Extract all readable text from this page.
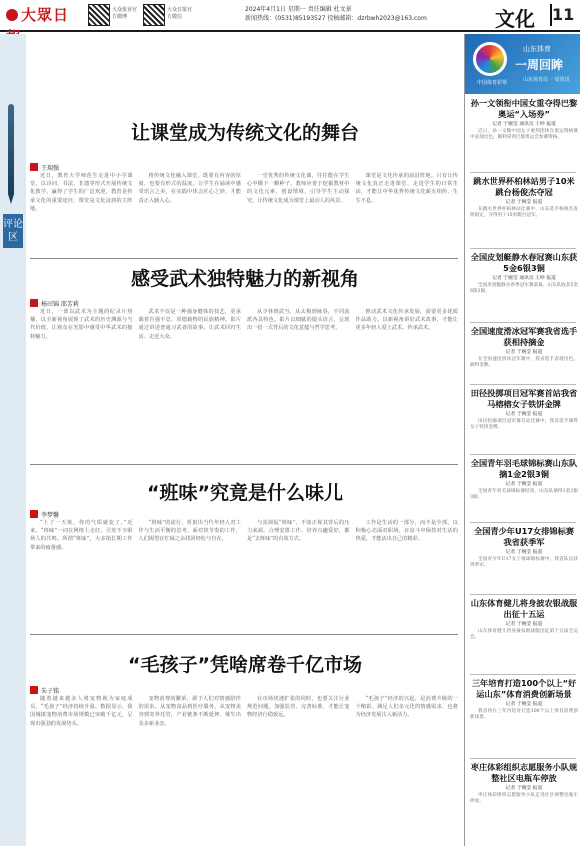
大眾日	大众报业官方微博
大众日报官方微信
2024年4月1日 星期一 责任编辑 杜文景
新闻热线：(0531)85193527 投稿邮箱：dzrbwh2023@163.com	文化 11
评论区
让课堂成为传统文化的舞台
王瑞强
近日，教育大学师范生走进中小学课堂，以诗词、书法、非遗等形式开展传统文化教学，赢得了学生的广泛欢迎。教育是传承文化的重要途径，课堂是文化浸润的主阵地。
将传统文化融入课堂，既要有内容的厚度，也要有形式的温度。让学生在诵读中感受语言之美，在实践中体会匠心之妙，才能真正入脑入心。
一堂优秀的传统文化课，往往能在学生心中播下一颗种子。教师应善于挖掘教材中的文化元素，创设情境，引导学生主动探究，让传统文化成为课堂上最动人的风景。
课堂是文化传承的前沿阵地。只有让传统文化真正走进课堂、走进学生的日常生活，才能让中华优秀传统文化薪火相传、生生不息。
感受武术独特魅力的新视角
杨田锦 邵芳莉
近日，一部以武术为主题的纪录片热播，以全新视角展现了武术的历史渊源与当代价值，让观众在光影中感受中华武术的独特魅力。
武术不仅是一种强身健体的技艺，更承载着自强不息、厚德载物的民族精神。影片通过讲述普通习武者的故事，让武术回归生活、走近大众。
从少林到武当，从太极到咏春，不同流派各具特色。影片以细腻的镜头语言，呈现出一招一式背后的文化意蕴与哲学思考。
推动武术文化传承发展，需要更多优质作品助力。以新视角讲好武术故事，才能让更多年轻人爱上武术、传承武术。
“班味”究竟是什么味儿
李梦馨
“上了一天班，你的气质就变了。”近来，“班味”一词在网络上走红，引发不少职场人的共鸣。所谓“班味”，大多指长期工作带来的疲惫感。
“班味”的流行，折射出当代年轻人对工作与生活平衡的思考。面对快节奏的工作，人们渴望在忙碌之余找回轻松与自在。
与其调侃“班味”，不如正视其背后的压力来源。合理安排工作、培养兴趣爱好，都是“去班味”的有效方式。
工作是生活的一部分，而不是全部。以积极心态面对职场，在奋斗中保持对生活的热爱，才能活出自己的精彩。
“毛孩子”凭啥席卷千亿市场
朱子铭
随着越来越多人将宠物视为家庭成员，“毛孩子”经济持续升温。数据显示，我国城镇宠物消费市场规模已突破千亿元，呈现出强劲的发展势头。
宠物消费的繁荣，源于人们对情感陪伴的需求。从宠物食品到医疗服务，从宠物美容到寄养托管，产业链条不断延伸，催生出众多新业态。
在市场快速扩张的同时，也要关注行业规范问题。加强监管、完善标准，才能让宠物经济行稳致远。
“毛孩子”经济的兴起，是消费升级的一个缩影。满足人们多元化的情感需求，也将为经济发展注入新活力。
中国体育彩票
山东体育
一周回眸
山东体育局 一周资讯
孙一文领衔中国女重夺得巴黎奥运“入场券”
记者 于婉莹 通讯员 王坤 报道
近日，孙一文随中国女子重剑团体在奥运资格赛中表现出色，顺利拿到巴黎奥运会参赛资格。
跳水世界杯柏林站男子10米跳台杨俊杰夺冠
记者 于婉莹 报道
在跳水世界杯柏林站比赛中，山东选手杨俊杰发挥稳定，夺得男子10米跳台冠军。
全国皮划艇静水春冠赛山东获5金6银3铜
记者 于婉莹 通讯员 王坤 报道
全国皮划艇静水春季冠军赛落幕，山东队收获5金6银3铜。
全国速度滑冰冠军赛我省选手获相持摘金
记者 于婉莹 报道
在全国速度滑冰冠军赛中，我省选手表现出色，摘得金牌。
田径投掷项目冠军赛首站我省马榕榕女子铁饼金牌
记者 于婉莹 报道
田径投掷项目冠军赛首站比赛中，我省选手摘得女子铁饼金牌。
全国青年羽毛球锦标赛山东队摘1金2银3铜
记者 于婉莹 报道
全国青年羽毛球锦标赛结束，山东队摘得1金2银3铜。
全国青少年U17女排锦标赛我省获季军
记者 于婉莹 报道
全国青少年U17女子排球锦标赛中，我省队伍获得季军。
山东体育健儿将身披农银战服出征十五运
记者 于婉莹 报道
山东体育健儿将身披农银战服出征第十五届全运会。
三年培育打造100个以上“好运山东”体育消费创新场景
记者 于婉莹 报道
我省将在三年内培育打造100个以上体育消费创新场景。
枣庄体彩组织志愿服务小队规整社区电瓶车停放
记者 于婉莹 报道
枣庄体彩组织志愿服务小队走进社区规整电瓶车停放。
